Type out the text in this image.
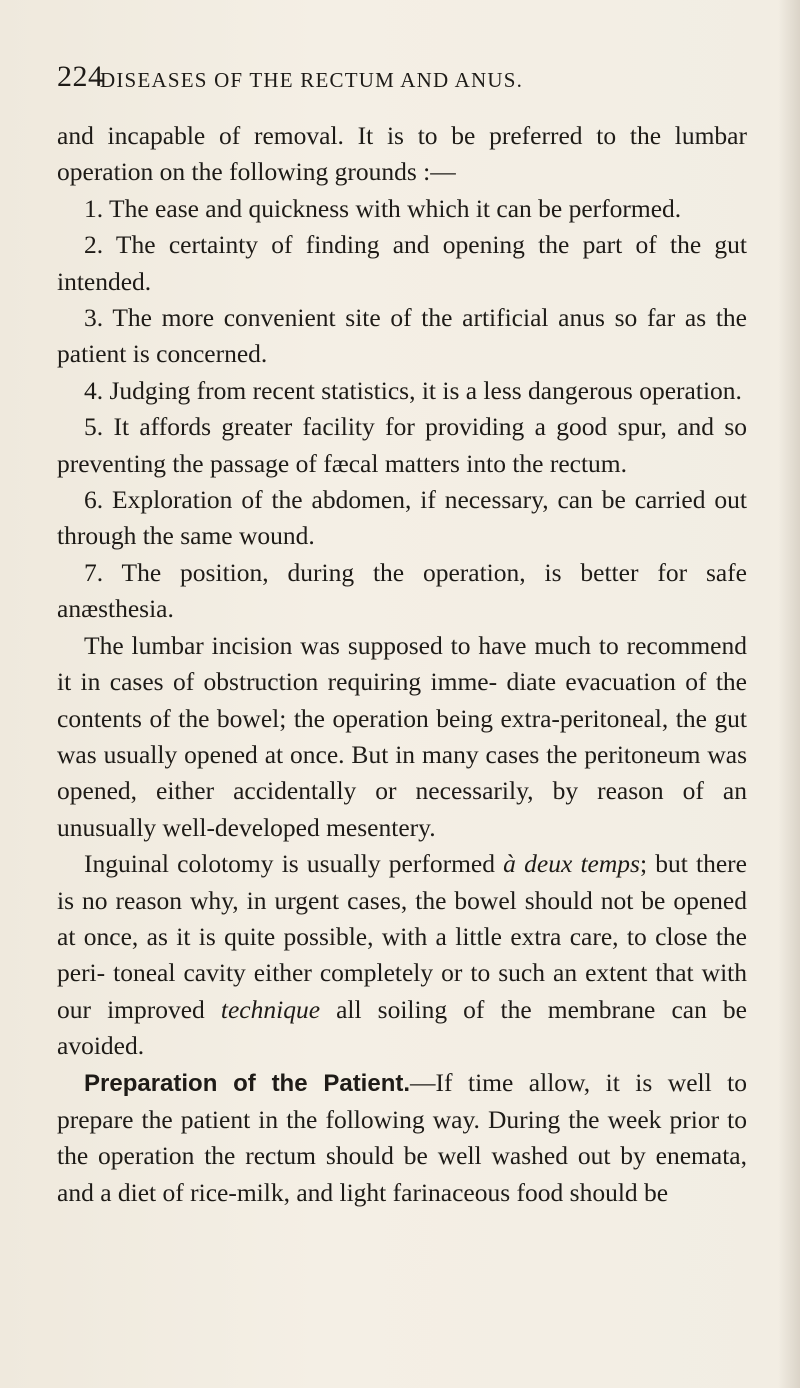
224
DISEASES OF THE RECTUM AND ANUS.

and incapable of removal. It is to be preferred to the lumbar operation on the following grounds :—

1. The ease and quickness with which it can be performed.

2. The certainty of finding and opening the part of the gut intended.

3. The more convenient site of the artificial anus so far as the patient is concerned.

4. Judging from recent statistics, it is a less dangerous operation.

5. It affords greater facility for providing a good spur, and so preventing the passage of fæcal matters into the rectum.

6. Exploration of the abdomen, if necessary, can be carried out through the same wound.

7. The position, during the operation, is better for safe anæsthesia.

The lumbar incision was supposed to have much to recommend it in cases of obstruction requiring imme- diate evacuation of the contents of the bowel; the operation being extra-peritoneal, the gut was usually opened at once. But in many cases the peritoneum was opened, either accidentally or necessarily, by reason of an unusually well-developed mesentery.

Inguinal colotomy is usually performed à deux temps; but there is no reason why, in urgent cases, the bowel should not be opened at once, as it is quite possible, with a little extra care, to close the peri- toneal cavity either completely or to such an extent that with our improved technique all soiling of the membrane can be avoided.

Preparation of the Patient.—If time allow, it is well to prepare the patient in the following way. During the week prior to the operation the rectum should be well washed out by enemata, and a diet of rice-milk, and light farinaceous food should be
